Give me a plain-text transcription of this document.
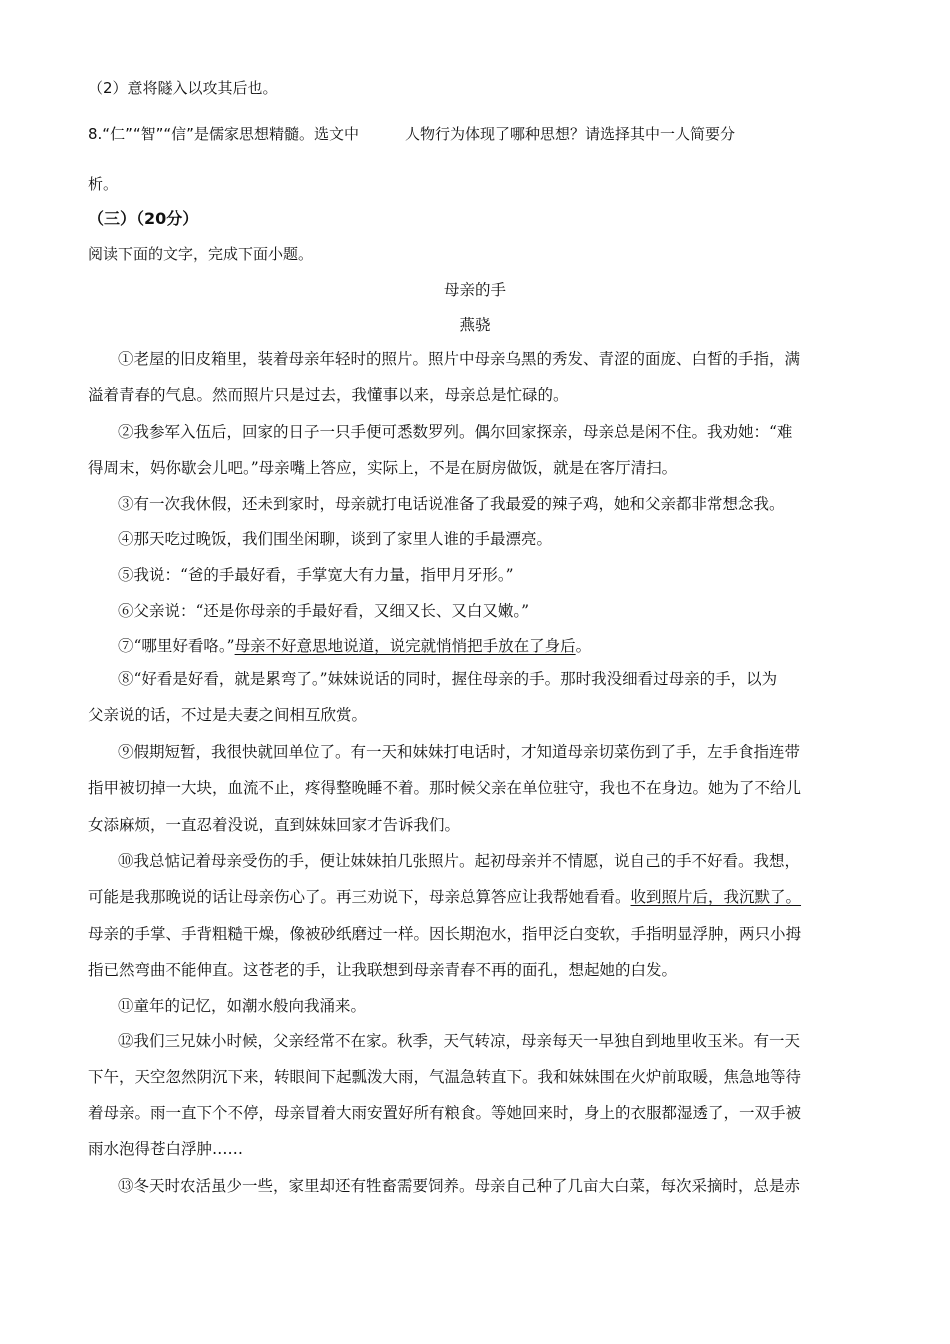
（2）意将隧入以攻其后也。
8.“仁”“智”“信”是儒家思想精髓。选文中	人物行为体现了哪种思想？请选择其中一人简要分
析。
（三）（20分）
阅读下面的文字，完成下面小题。
母亲的手
燕骁
①老屋的旧皮箱里，装着母亲年轻时的照片。照片中母亲乌黑的秀发、青涩的面庞、白皙的手指，满
溢着青春的气息。然而照片只是过去，我懂事以来，母亲总是忙碌的。
②我参军入伍后，回家的日子一只手便可悉数罗列。偶尔回家探亲，母亲总是闲不住。我劝她：“难
得周末，妈你歇会儿吧。”母亲嘴上答应，实际上，不是在厨房做饭，就是在客厅清扫。
③有一次我休假，还未到家时，母亲就打电话说准备了我最爱的辣子鸡，她和父亲都非常想念我。
④那天吃过晚饭，我们围坐闲聊，谈到了家里人谁的手最漂亮。
⑤我说：“爸的手最好看，手掌宽大有力量，指甲月牙形。”
⑥父亲说：“还是你母亲的手最好看，又细又长、又白又嫩。”
⑦“哪里好看咯。”母亲不好意思地说道，说完就悄悄把手放在了身后。
⑧“好看是好看，就是累弯了。”妹妹说话的同时，握住母亲的手。那时我没细看过母亲的手，以为
父亲说的话，不过是夫妻之间相互欣赏。
⑨假期短暂，我很快就回单位了。有一天和妹妹打电话时，才知道母亲切菜伤到了手，左手食指连带
指甲被切掉一大块，血流不止，疼得整晚睡不着。那时候父亲在单位驻守，我也不在身边。她为了不给儿
女添麻烦，一直忍着没说，直到妹妹回家才告诉我们。
⑩我总惦记着母亲受伤的手，便让妹妹拍几张照片。起初母亲并不情愿，说自己的手不好看。我想，
可能是我那晚说的话让母亲伤心了。再三劝说下，母亲总算答应让我帮她看看。收到照片后，我沉默了。
母亲的手掌、手背粗糙干燥，像被砂纸磨过一样。因长期泡水，指甲泛白变软，手指明显浮肿，两只小拇
指已然弯曲不能伸直。这苍老的手，让我联想到母亲青春不再的面孔，想起她的白发。
⑪童年的记忆，如潮水般向我涌来。
⑫我们三兄妹小时候，父亲经常不在家。秋季，天气转凉，母亲每天一早独自到地里收玉米。有一天
下午，天空忽然阴沉下来，转眼间下起瓢泼大雨，气温急转直下。我和妹妹围在火炉前取暖，焦急地等待
着母亲。雨一直下个不停，母亲冒着大雨安置好所有粮食。等她回来时，身上的衣服都湿透了，一双手被
雨水泡得苍白浮肿……
⑬冬天时农活虽少一些，家里却还有牲畜需要饲养。母亲自己种了几亩大白菜，每次采摘时，总是赤
